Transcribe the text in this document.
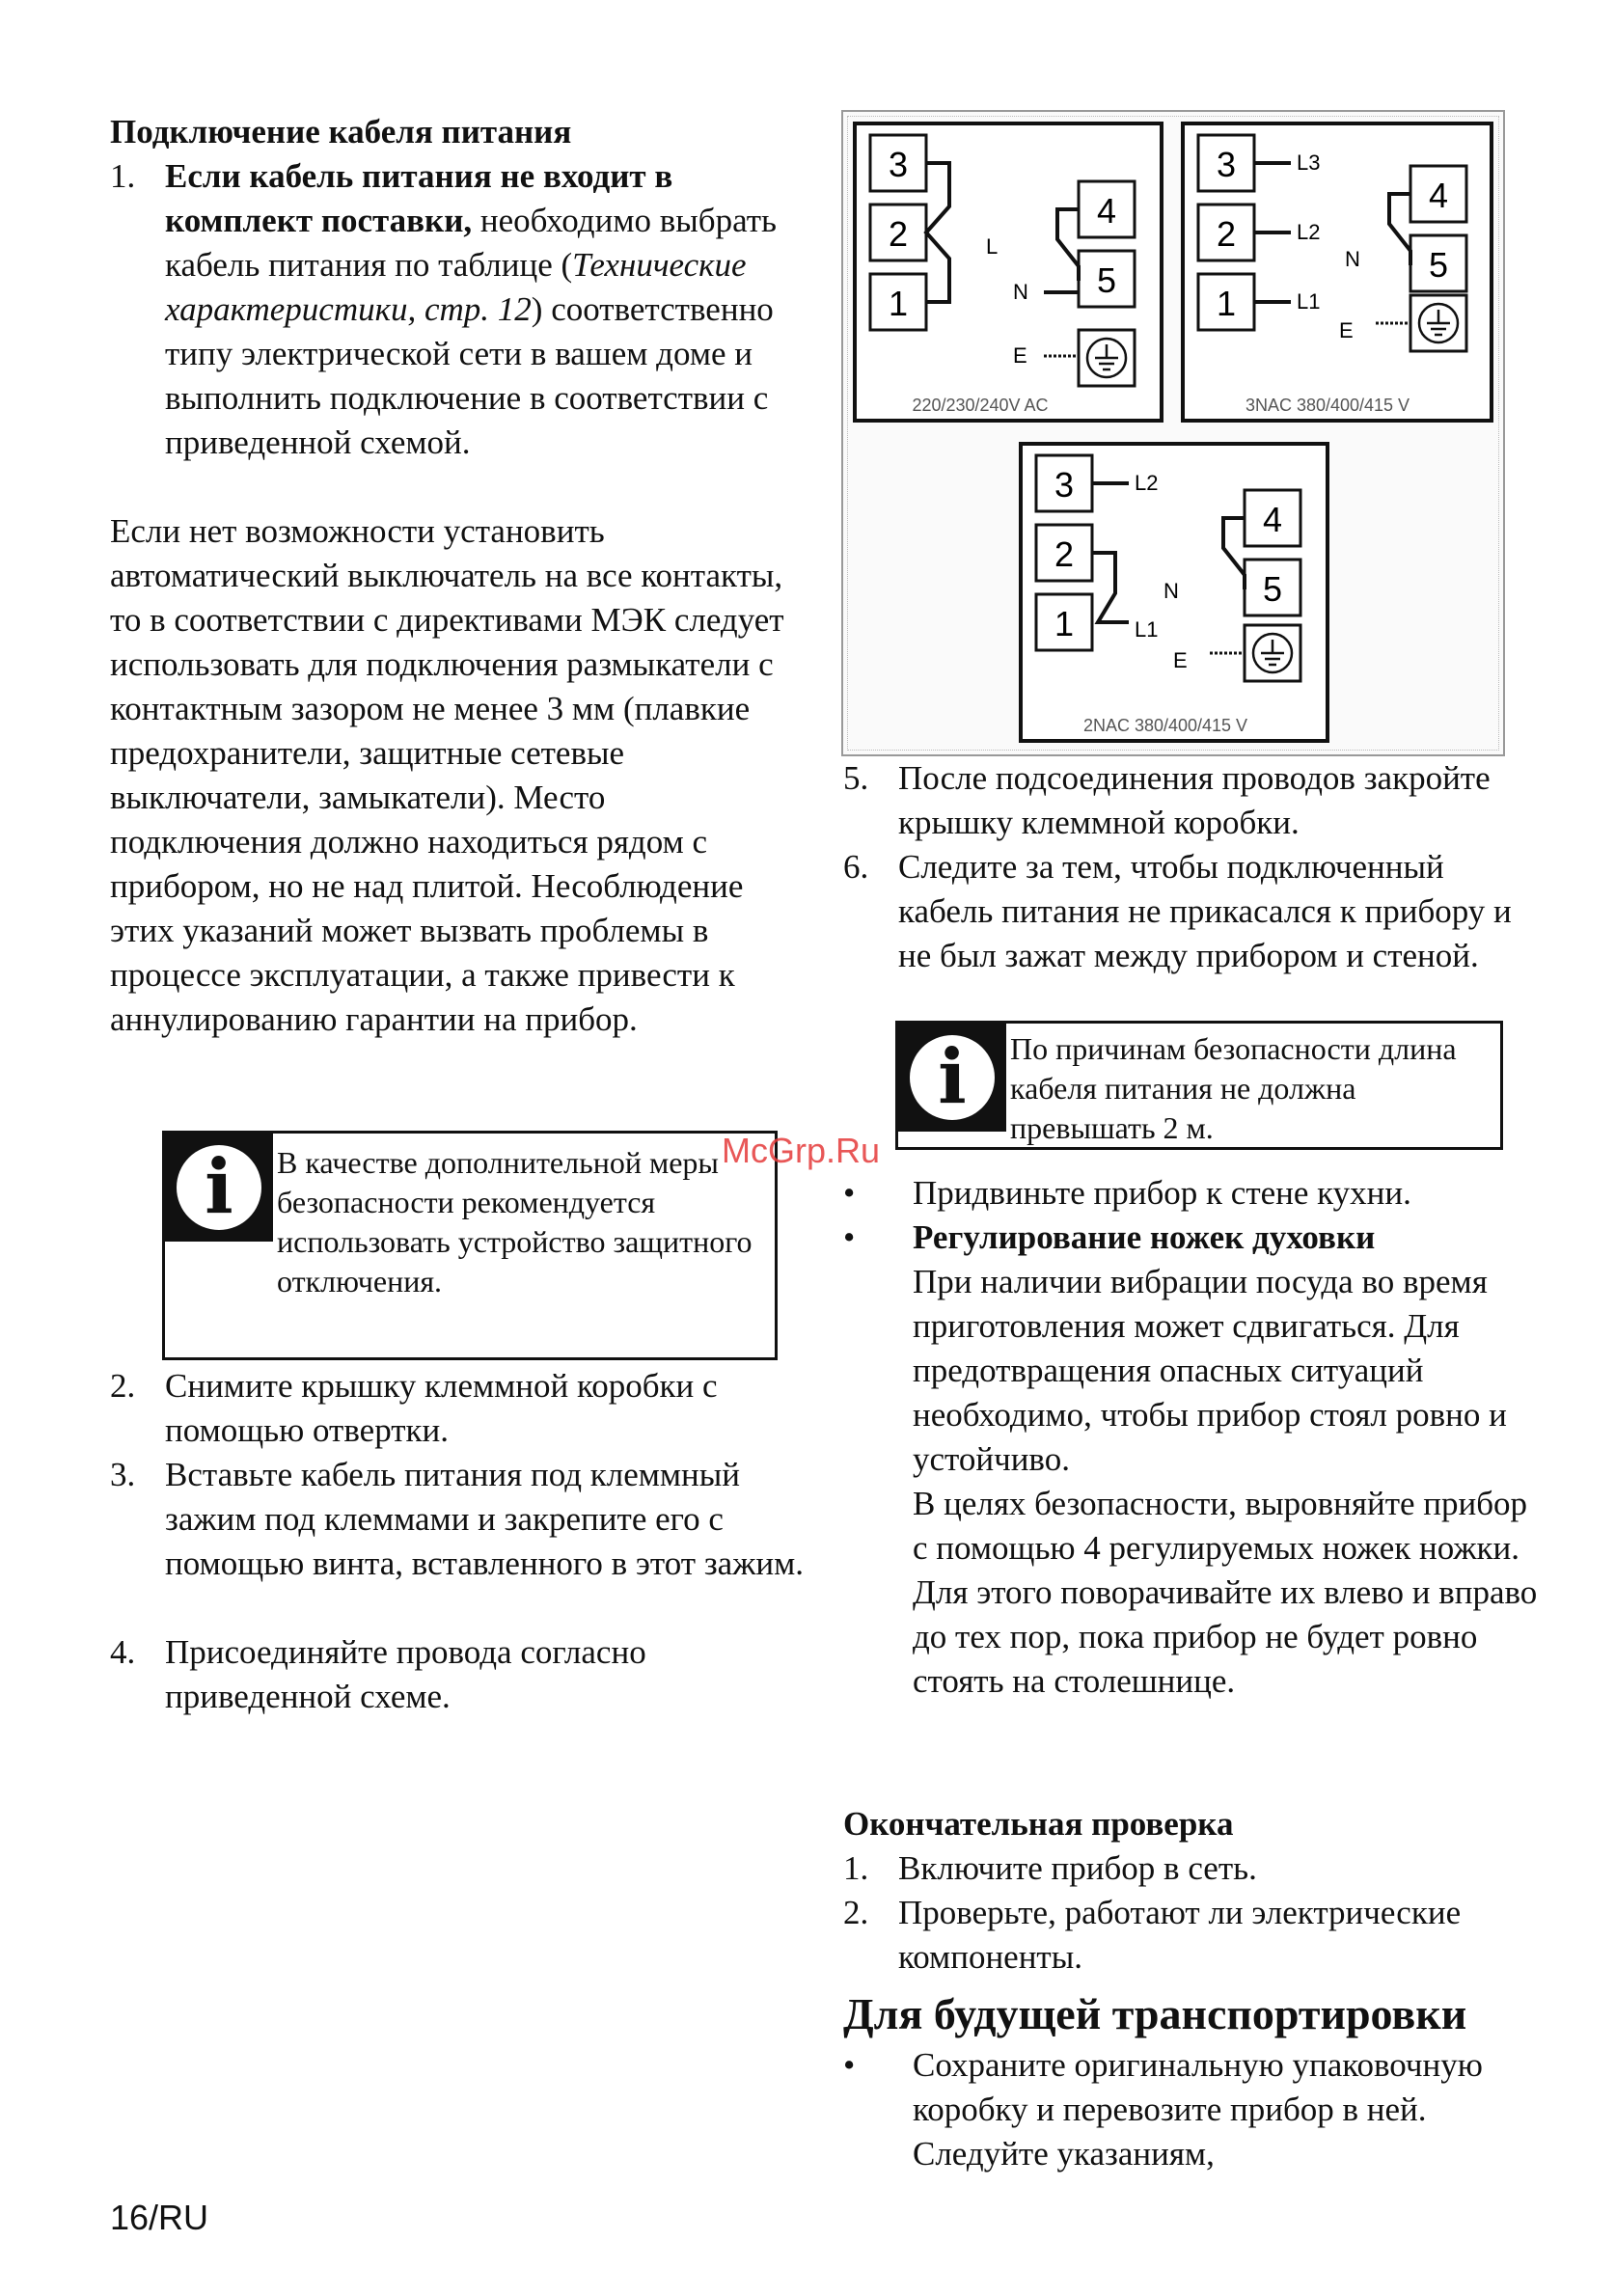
Подключение кабеля питания
1. Если кабель питания не входит в комплект поставки, необходимо выбрать кабель питания по таблице (Технические характеристики, стр. 12) соответственно типу электрической сети в вашем доме и выполнить подключение в соответствии с приведенной схемой.
Если нет возможности установить автоматический выключатель на все контакты, то в соответствии с директивами МЭК следует использовать для подключения размыкатели с контактным зазором не менее 3 мм (плавкие предохранители, защитные сетевые выключатели, замыкатели). Место подключения должно находиться рядом с прибором, но не над плитой. Несоблюдение этих указаний может вызвать проблемы в процессе эксплуатации, а также привести к аннулированию гарантии на прибор.
i	В качестве дополнительной меры безопасности рекомендуется использовать устройство защитного отключения.
2. Снимите крышку клеммной коробки с помощью отвертки.
3. Вставьте кабель питания под клеммный зажим под клеммами и закрепите его с помощью винта, вставленного в этот зажим.
4. Присоединяйте провода согласно приведенной схеме.
3
2
1
L
4
5
N
E
220/230/240V AC
3
2
1
L3
L2
L1
4
5
N
E
3NAC 380/400/415 V
3
2
1
L2
L1
4
5
N
E
2NAC 380/400/415 V
5. После подсоединения проводов закройте крышку клеммной коробки.
6. Следите за тем, чтобы подключенный кабель питания не прикасался к прибору и не был зажат между прибором и стеной.
i	По причинам безопасности длина кабеля питания не должна превышать 2 м.
• Придвиньте прибор к стене кухни.
• Регулирование ножек духовки
При наличии вибрации посуда во время приготовления может сдвигаться. Для предотвращения опасных ситуаций необходимо, чтобы прибор стоял ровно и устойчиво.
В целях безопасности, выровняйте прибор с помощью 4 регулируемых ножек ножки. Для этого поворачивайте их влево и вправо до тех пор, пока прибор не будет ровно стоять на столешнице.
Окончательная проверка
1. Включите прибор в сеть.
2. Проверьте, работают ли электрические компоненты.
Для будущей транспортировки
• Сохраните оригинальную упаковочную коробку и перевозите прибор в ней. Следуйте указаниям,
McGrp.Ru
16/RU
